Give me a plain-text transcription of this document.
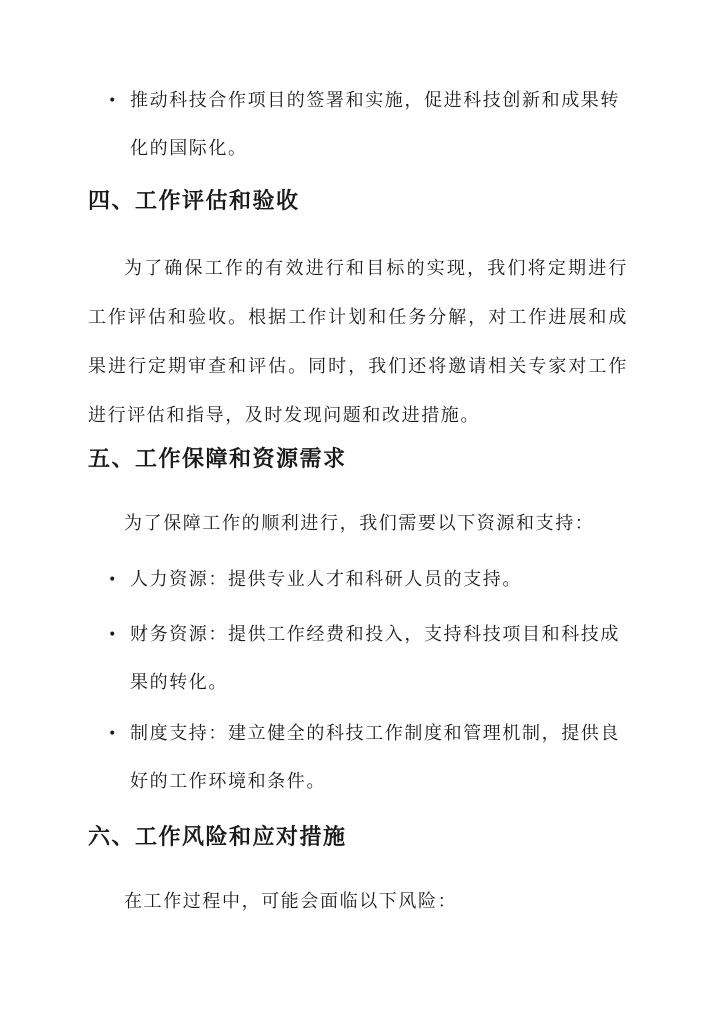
• 推动科技合作项目的签署和实施，促进科技创新和成果转化的国际化。
四、工作评估和验收
为了确保工作的有效进行和目标的实现，我们将定期进行工作评估和验收。根据工作计划和任务分解，对工作进展和成果进行定期审查和评估。同时，我们还将邀请相关专家对工作进行评估和指导，及时发现问题和改进措施。
五、工作保障和资源需求
为了保障工作的顺利进行，我们需要以下资源和支持：
• 人力资源：提供专业人才和科研人员的支持。
• 财务资源：提供工作经费和投入，支持科技项目和科技成果的转化。
• 制度支持：建立健全的科技工作制度和管理机制，提供良好的工作环境和条件。
六、工作风险和应对措施
在工作过程中，可能会面临以下风险：
